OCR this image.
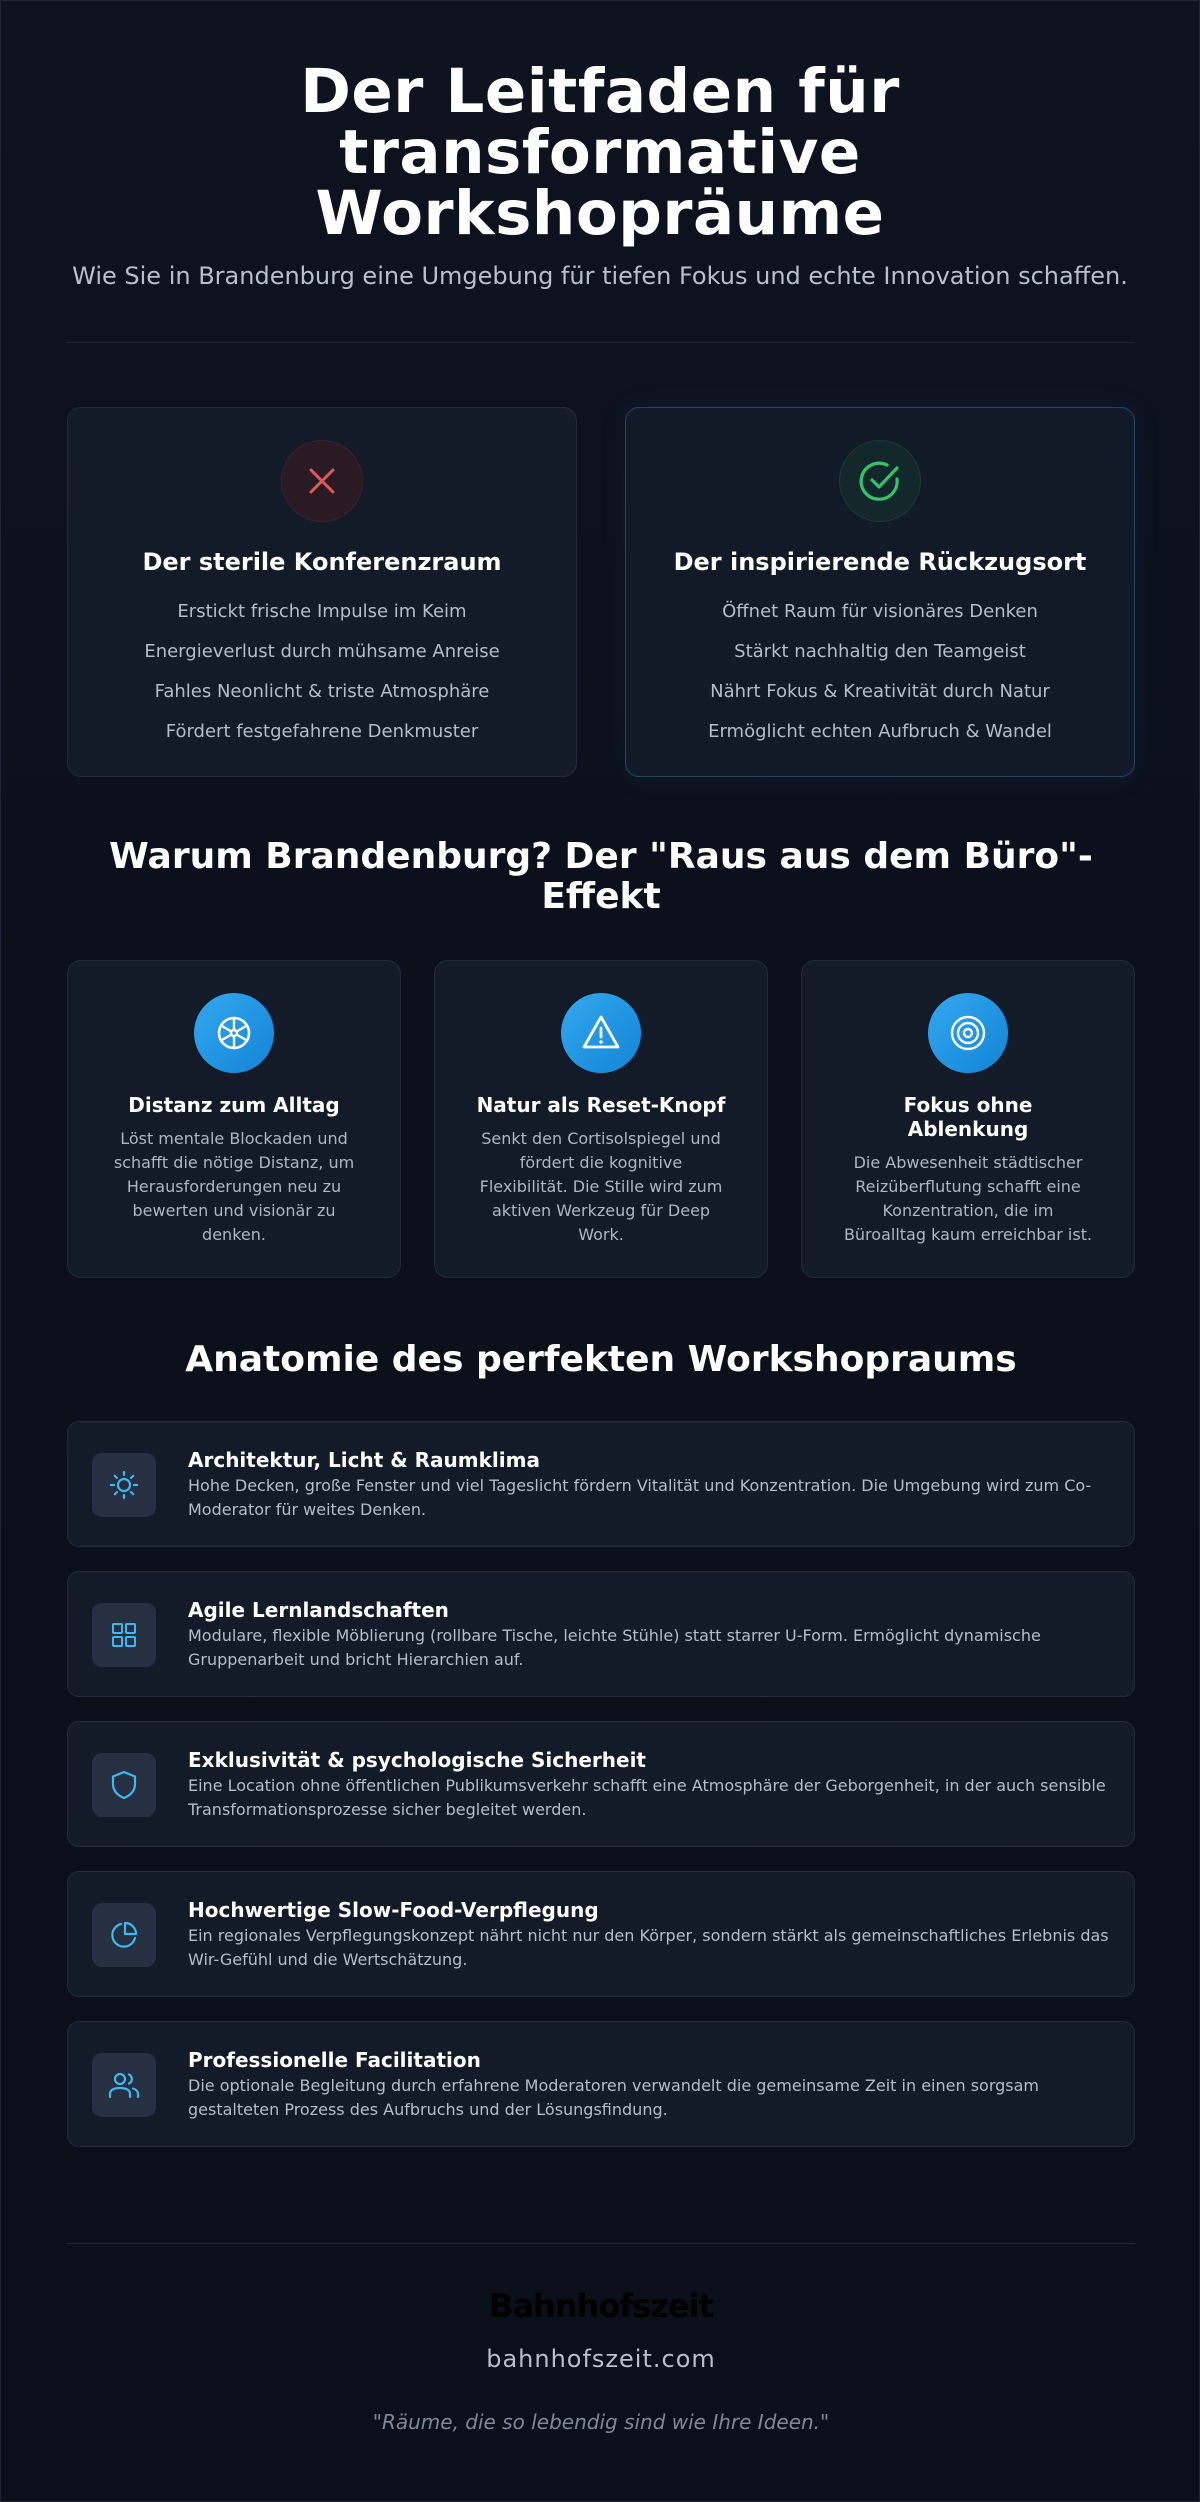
Der Leitfaden für transformative Workshopräume

Wie Sie in Brandenburg eine Umgebung für tiefen Fokus und echte Innovation schaffen.

Der sterile Konferenzraum
Erstickt frische Impulse im Keim
Energieverlust durch mühsame Anreise
Fahles Neonlicht & triste Atmosphäre
Fördert festgefahrene Denkmuster
Der inspirierende Rückzugsort
Öffnet Raum für visionäres Denken
Stärkt nachhaltig den Teamgeist
Nährt Fokus & Kreativität durch Natur
Ermöglicht echten Aufbruch & Wandel
Warum Brandenburg? Der "Raus aus dem Büro"-Effekt
Distanz zum Alltag

Löst mentale Blockaden und schafft die nötige Distanz, um Herausforderungen neu zu bewerten und visionär zu denken.

Natur als Reset-Knopf

Senkt den Cortisolspiegel und fördert die kognitive Flexibilität. Die Stille wird zum aktiven Werkzeug für Deep Work.

Fokus ohne Ablenkung

Die Abwesenheit städtischer Reizüberflutung schafft eine Konzentration, die im Büroalltag kaum erreichbar ist.

Anatomie des perfekten Workshopraums
Architektur, Licht & Raumklima

Hohe Decken, große Fenster und viel Tageslicht fördern Vitalität und Konzentration. Die Umgebung wird zum Co-Moderator für weites Denken.

Agile Lernlandschaften

Modulare, flexible Möblierung (rollbare Tische, leichte Stühle) statt starrer U-Form. Ermöglicht dynamische Gruppenarbeit und bricht Hierarchien auf.

Exklusivität & psychologische Sicherheit

Eine Location ohne öffentlichen Publikumsverkehr schafft eine Atmosphäre der Geborgenheit, in der auch sensible Transformationsprozesse sicher begleitet werden.

Hochwertige Slow-Food-Verpflegung

Ein regionales Verpflegungskonzept nährt nicht nur den Körper, sondern stärkt als gemeinschaftliches Erlebnis das Wir-Gefühl und die Wertschätzung.

Professionelle Facilitation

Die optionale Begleitung durch erfahrene Moderatoren verwandelt die gemeinsame Zeit in einen sorgsam gestalteten Prozess des Aufbruchs und der Lösungsfindung.

Bahnhofszeit
bahnhofszeit.com
"Räume, die so lebendig sind wie Ihre Ideen."
